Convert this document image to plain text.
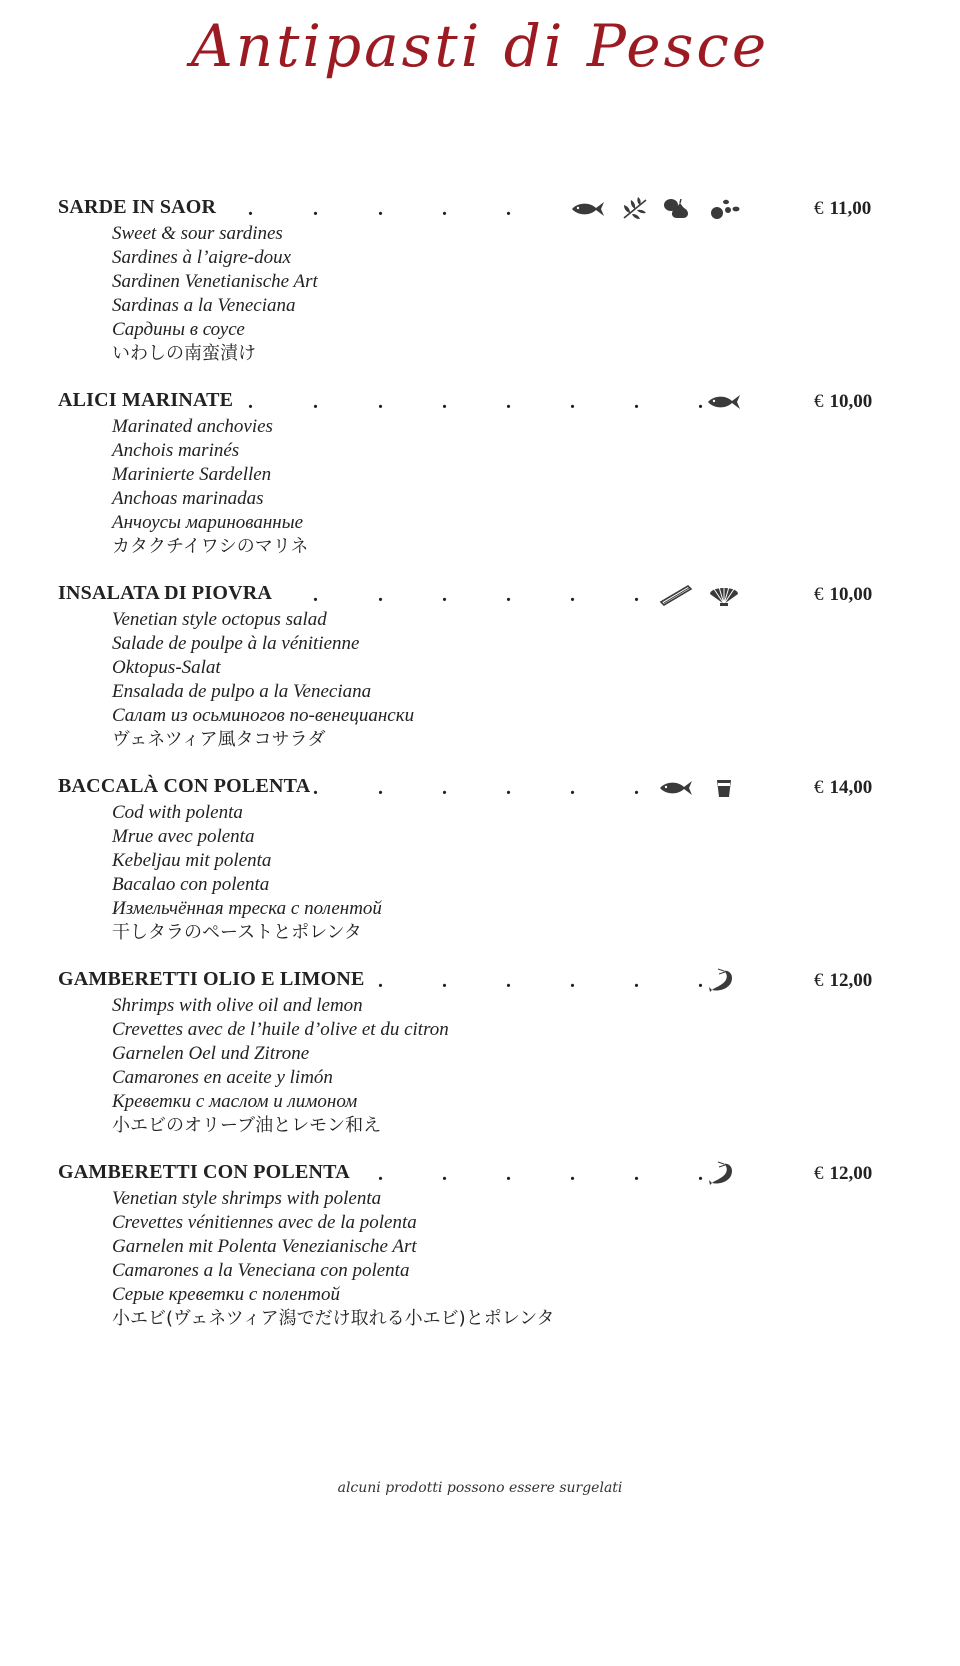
Antipasti di Pesce
.	.	.	.	.
SARDE IN SAOR	€ 11,00
Sweet & sour sardines
Sardines à l’aigre-doux
Sardinen Venetianische Art
Sardinas a la Veneciana
Сардины в соусе
いわしの南蛮漬け
.	.	.	.	.	.	.	.
ALICI MARINATE	€ 10,00
Marinated anchovies
Anchois marinés
Marinierte Sardellen
Anchoas marinadas
Анчоусы маринованные
カタクチイワシのマリネ
.	.	.	.	.	.
INSALATA DI PIOVRA	€ 10,00
Venetian style octopus salad
Salade de poulpe à la vénitienne
Oktopus-Salat
Ensalada de pulpo a la Veneciana
Салат из осьминогов по-венециански
ヴェネツィア風タコサラダ
.	.	.	.	.	.
BACCALÀ CON POLENTA	€ 14,00
Cod with polenta
Mrue avec polenta
Kebeljau mit polenta
Bacalao con polenta
Измельчённая треска с полентой
干しタラのペーストとポレンタ
.	.	.	.	.	.
GAMBERETTI OLIO E LIMONE	€ 12,00
Shrimps with olive oil and lemon
Crevettes avec de l’huile d’olive et du citron
Garnelen Oel und Zitrone
Camarones en aceite y limón
Креветки с маслом и лимоном
小エビのオリーブ油とレモン和え
.	.	.	.	.	.
GAMBERETTI CON POLENTA	€ 12,00
Venetian style shrimps with polenta
Crevettes vénitiennes avec de la polenta
Garnelen mit Polenta Venezianische Art
Camarones a la Veneciana con polenta
Серые креветки с полентой
小エビ(ヴェネツィア潟でだけ取れる小エビ)とポレンタ

alcuni prodotti possono essere surgelati
